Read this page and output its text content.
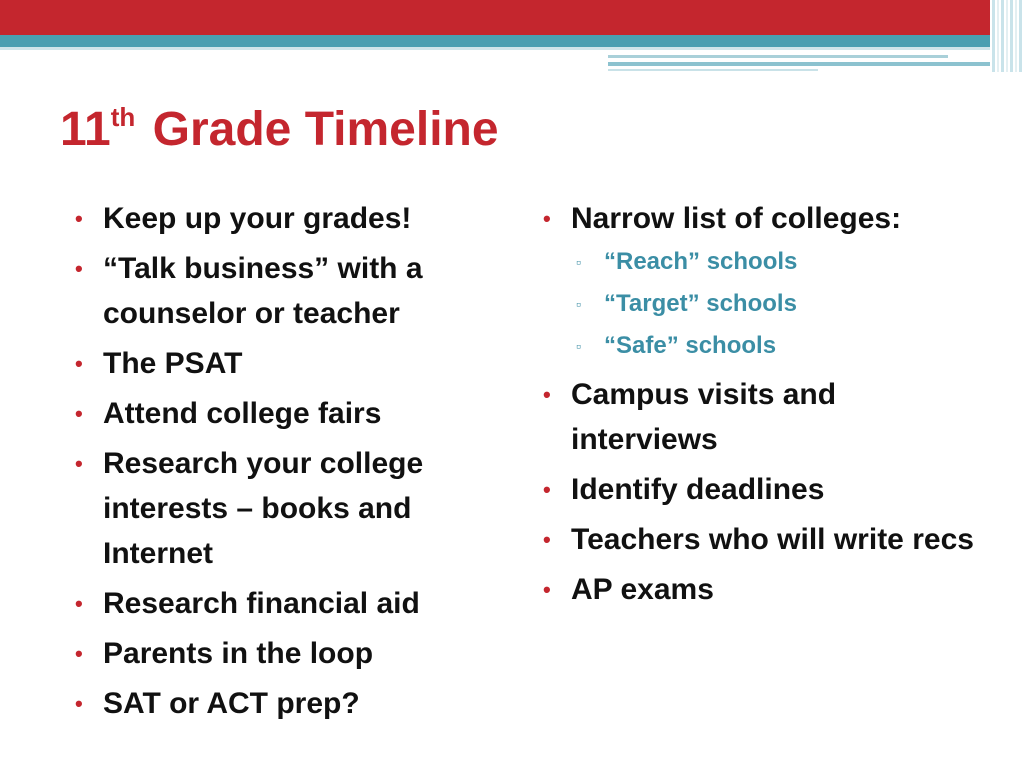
11th Grade Timeline
• Keep up your grades!
• “Talk business” with a counselor or teacher
• The PSAT
• Attend college fairs
• Research your college interests – books and Internet
• Research financial aid
• Parents in the loop
• SAT or ACT prep?
• Narrow list of colleges:
▫ “Reach” schools
▫ “Target” schools
▫ “Safe” schools
• Campus visits and interviews
• Identify deadlines
• Teachers who will write recs
• AP exams
